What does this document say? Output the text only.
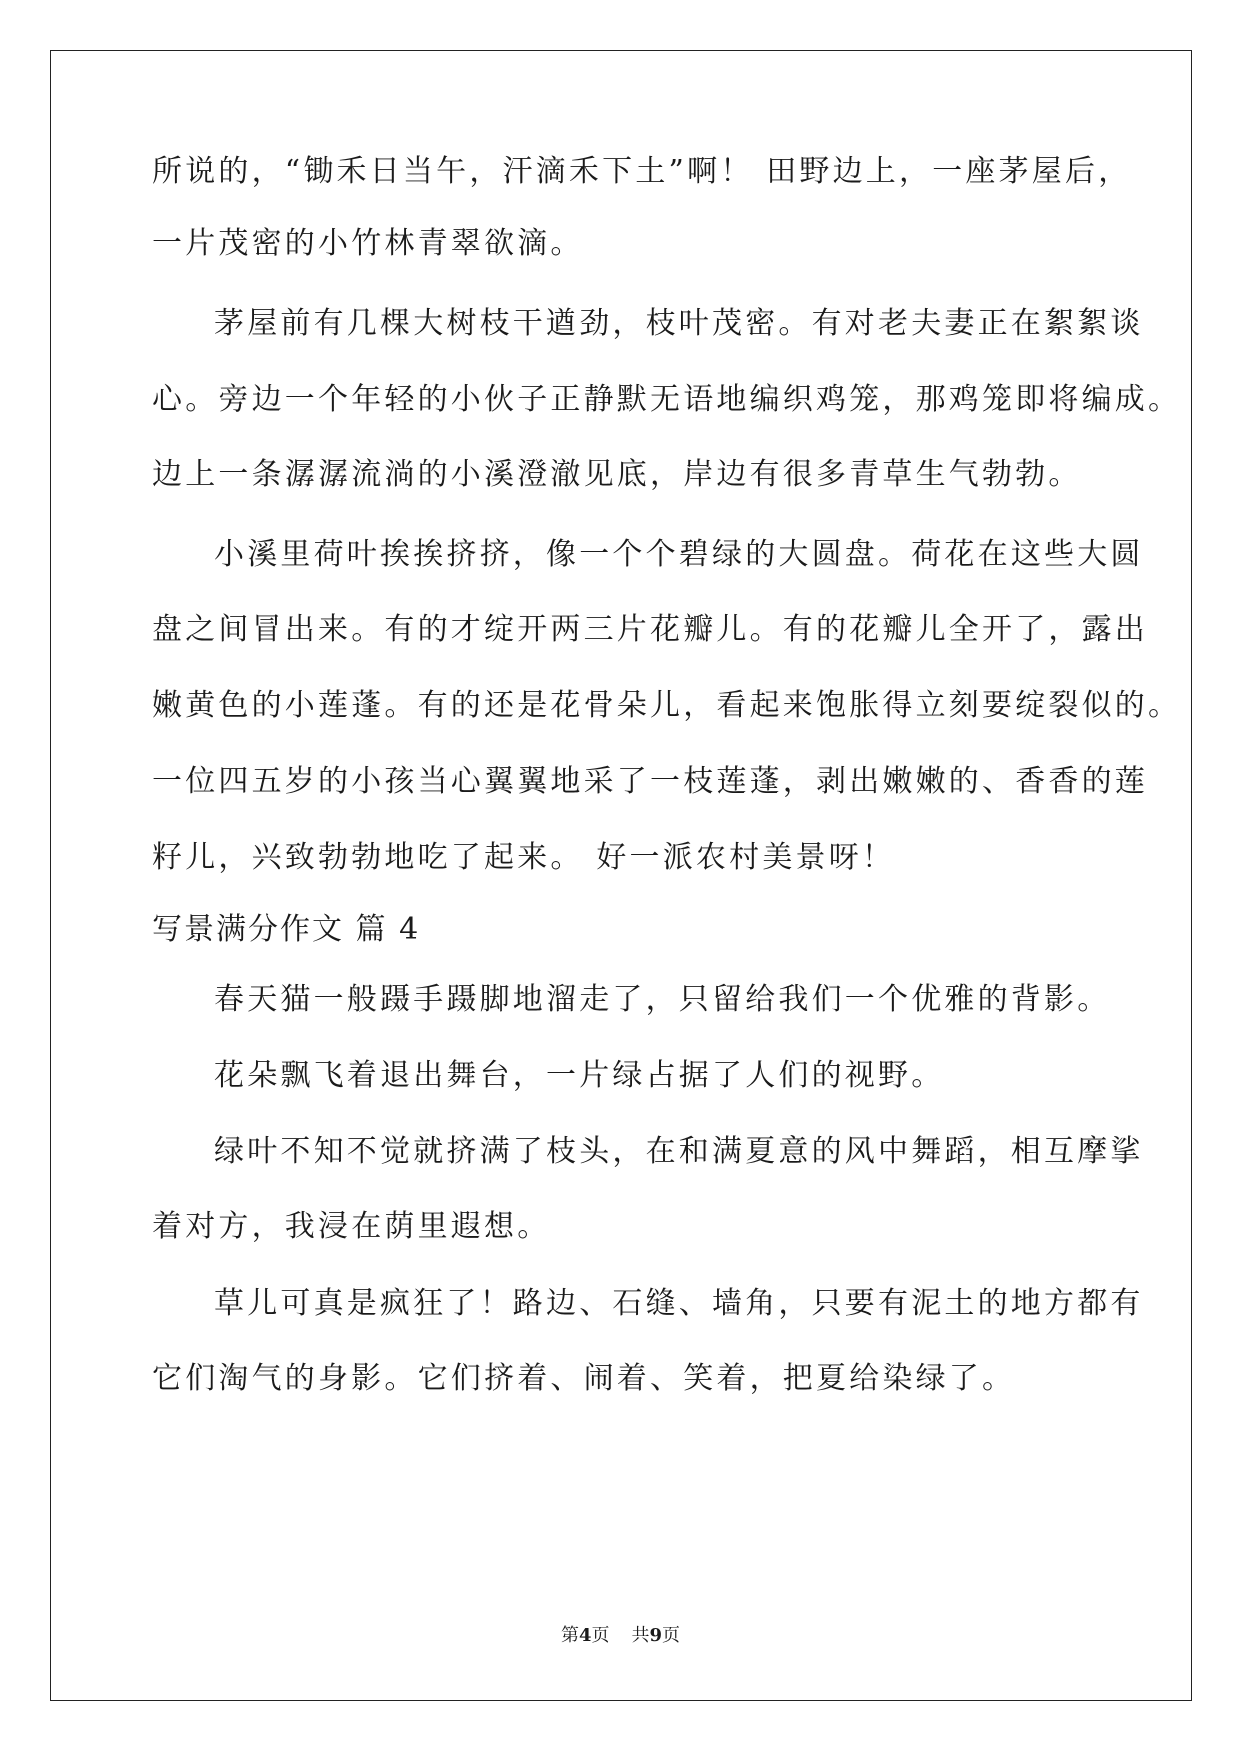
所说的，“锄禾日当午，汗滴禾下土”啊！ 田野边上，一座茅屋后，
一片茂密的小竹林青翠欲滴。
茅屋前有几棵大树枝干遒劲，枝叶茂密。有对老夫妻正在絮絮谈
心。旁边一个年轻的小伙子正静默无语地编织鸡笼，那鸡笼即将编成。
边上一条潺潺流淌的小溪澄澈见底，岸边有很多青草生气勃勃。
小溪里荷叶挨挨挤挤，像一个个碧绿的大圆盘。荷花在这些大圆
盘之间冒出来。有的才绽开两三片花瓣儿。有的花瓣儿全开了，露出
嫩黄色的小莲蓬。有的还是花骨朵儿，看起来饱胀得立刻要绽裂似的。
一位四五岁的小孩当心翼翼地采了一枝莲蓬，剥出嫩嫩的、香香的莲
籽儿，兴致勃勃地吃了起来。 好一派农村美景呀！
写景满分作文 篇 4
春天猫一般蹑手蹑脚地溜走了，只留给我们一个优雅的背影。
花朵飘飞着退出舞台，一片绿占据了人们的视野。
绿叶不知不觉就挤满了枝头，在和满夏意的风中舞蹈，相互摩挲
着对方，我浸在荫里遐想。
草儿可真是疯狂了！路边、石缝、墙角，只要有泥土的地方都有
它们淘气的身影。它们挤着、闹着、笑着，把夏给染绿了。
第4页 共9页
